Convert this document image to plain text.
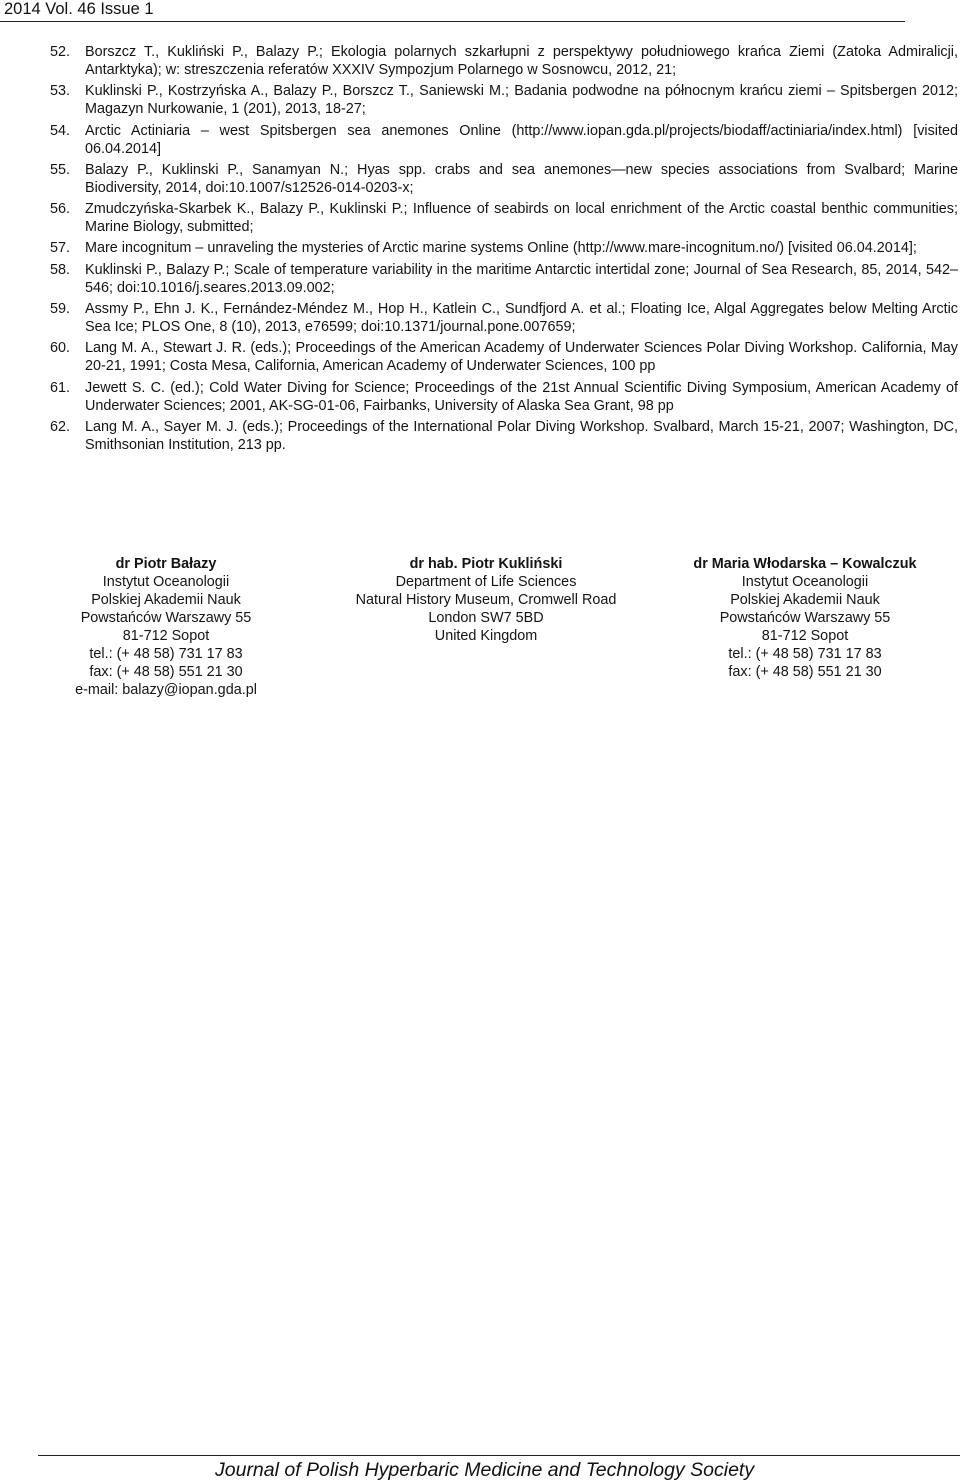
2014 Vol. 46 Issue 1
52. Borszcz T., Kukliński P., Balazy P.; Ekologia polarnych szkarłupni z perspektywy południowego krańca Ziemi (Zatoka Admiralicji, Antarktyka); w: streszczenia referatów XXXIV Sympozjum Polarnego w Sosnowcu, 2012, 21;
53. Kuklinski P., Kostrzyńska A., Balazy P., Borszcz T., Saniewski M.; Badania podwodne na północnym krańcu ziemi – Spitsbergen 2012; Magazyn Nurkowanie, 1 (201), 2013, 18-27;
54. Arctic Actiniaria – west Spitsbergen sea anemones Online (http://www.iopan.gda.pl/projects/biodaff/actiniaria/index.html) [visited 06.04.2014]
55. Balazy P., Kuklinski P., Sanamyan N.; Hyas spp. crabs and sea anemones—new species associations from Svalbard; Marine Biodiversity, 2014, doi:10.1007/s12526-014-0203-x;
56. Zmudczyńska-Skarbek K., Balazy P., Kuklinski P.; Influence of seabirds on local enrichment of the Arctic coastal benthic communities; Marine Biology, submitted;
57. Mare incognitum – unraveling the mysteries of Arctic marine systems Online (http://www.mare-incognitum.no/) [visited 06.04.2014];
58. Kuklinski P., Balazy P.; Scale of temperature variability in the maritime Antarctic intertidal zone; Journal of Sea Research, 85, 2014, 542–546; doi:10.1016/j.seares.2013.09.002;
59. Assmy P., Ehn J. K., Fernández-Méndez M., Hop H., Katlein C., Sundfjord A. et al.; Floating Ice, Algal Aggregates below Melting Arctic Sea Ice; PLOS One, 8 (10), 2013, e76599; doi:10.1371/journal.pone.007659;
60. Lang M. A., Stewart J. R. (eds.); Proceedings of the American Academy of Underwater Sciences Polar Diving Workshop. California, May 20-21, 1991; Costa Mesa, California, American Academy of Underwater Sciences, 100 pp
61. Jewett S. C. (ed.); Cold Water Diving for Science; Proceedings of the 21st Annual Scientific Diving Symposium, American Academy of Underwater Sciences; 2001, AK-SG-01-06, Fairbanks, University of Alaska Sea Grant, 98 pp
62. Lang M. A., Sayer M. J. (eds.); Proceedings of the International Polar Diving Workshop. Svalbard, March 15-21, 2007; Washington, DC, Smithsonian Institution, 213 pp.
dr Piotr Bałazy
Instytut Oceanologii
Polskiej Akademii Nauk
Powstańców Warszawy 55
81-712 Sopot
tel.: (+ 48 58) 731 17 83
fax: (+ 48 58) 551 21 30
e-mail: balazy@iopan.gda.pl
dr hab. Piotr Kukliński
Department of Life Sciences
Natural History Museum, Cromwell Road
London SW7 5BD
United Kingdom
dr Maria Włodarska – Kowalczuk
Instytut Oceanologii
Polskiej Akademii Nauk
Powstańców Warszawy 55
81-712 Sopot
tel.: (+ 48 58) 731 17 83
fax: (+ 48 58) 551 21 30
Journal of Polish Hyperbaric Medicine and Technology Society
